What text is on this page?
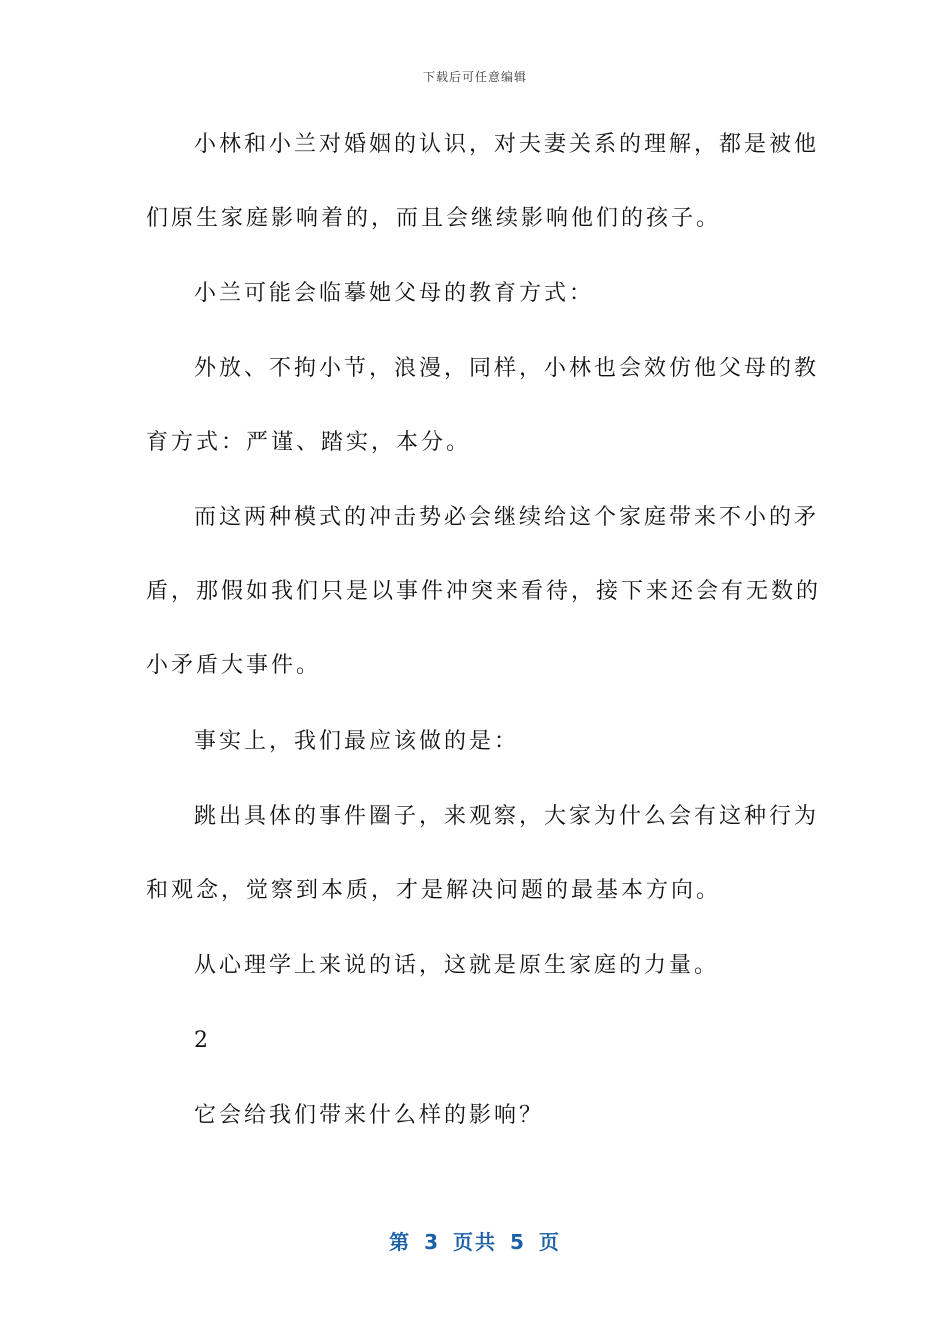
下载后可任意编辑

小林和小兰对婚姻的认识，对夫妻关系的理解，都是被他
们原生家庭影响着的，而且会继续影响他们的孩子。

小兰可能会临摹她父母的教育方式：

外放、不拘小节，浪漫，同样，小林也会效仿他父母的教
育方式：严谨、踏实，本分。

而这两种模式的冲击势必会继续给这个家庭带来不小的矛
盾，那假如我们只是以事件冲突来看待，接下来还会有无数的
小矛盾大事件。

事实上，我们最应该做的是：

跳出具体的事件圈子，来观察，大家为什么会有这种行为
和观念，觉察到本质，才是解决问题的最基本方向。

从心理学上来说的话，这就是原生家庭的力量。

2

它会给我们带来什么样的影响？

第 3 页共 5 页
